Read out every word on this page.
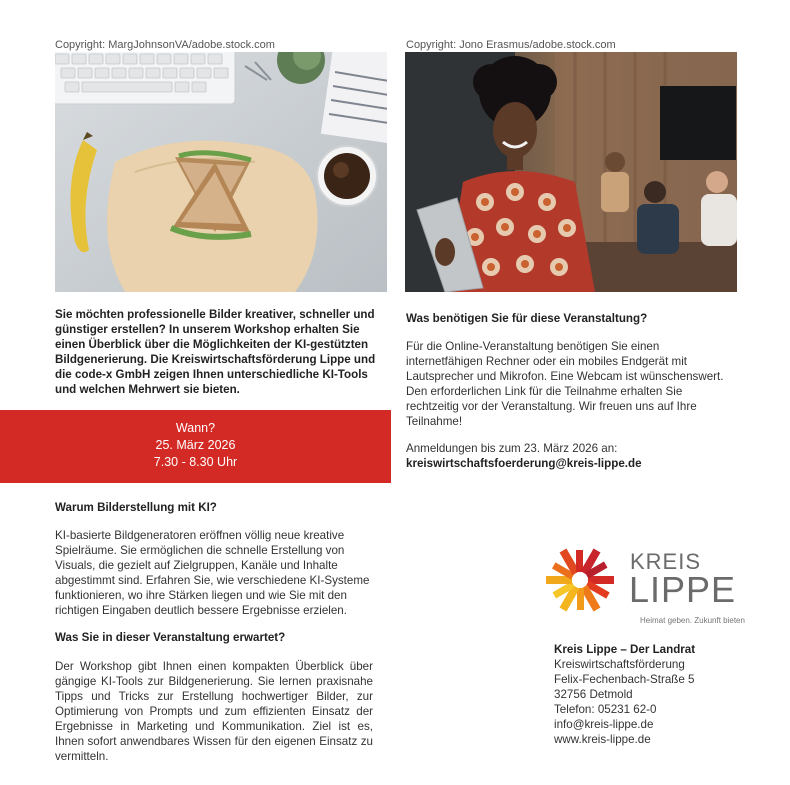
Copyright: MargJohnsonVA/adobe.stock.com	Copyright: Jono Erasmus/adobe.stock.com
Sie möchten professionelle Bilder kreativer, schneller und günstiger erstellen? In unserem Workshop erhalten Sie einen Überblick über die Möglichkeiten der KI-gestützten Bildgenerierung. Die Kreiswirtschaftsförderung Lippe und die code-x GmbH zeigen Ihnen unterschiedliche KI-Tools und welchen Mehrwert sie bieten.
Wann?
25. März 2026
7.30 - 8.30 Uhr
Warum Bilderstellung mit KI?
KI-basierte Bildgeneratoren eröffnen völlig neue kreative Spielräume. Sie ermöglichen die schnelle Erstellung von Visuals, die gezielt auf Zielgruppen, Kanäle und Inhalte abgestimmt sind. Erfahren Sie, wie verschiedene KI-Systeme funktionieren, wo ihre Stärken liegen und wie Sie mit den richtigen Eingaben deutlich bessere Ergebnisse erzielen.
Was Sie in dieser Veranstaltung erwartet?
Der Workshop gibt Ihnen einen kompakten Überblick über gängige KI-Tools zur Bildgenerierung. Sie lernen praxisnahe Tipps und Tricks zur Erstellung hochwertiger Bilder, zur Optimierung von Prompts und zum effizienten Einsatz der Ergebnisse in Marketing und Kommunikation. Ziel ist es, Ihnen sofort anwendbares Wissen für den eigenen Einsatz zu vermitteln.
Was benötigen Sie für diese Veranstaltung?
Für die Online-Veranstaltung benötigen Sie einen internetfähigen Rechner oder ein mobiles Endgerät mit Lautsprecher und Mikrofon. Eine Webcam ist wünschenswert. Den erforderlichen Link für die Teilnahme erhalten Sie rechtzeitig vor der Veranstaltung. Wir freuen uns auf Ihre Teilnahme!
Anmeldungen bis zum 23. März 2026 an:
kreiswirtschaftsfoerderung@kreis-lippe.de
KREIS
LIPPE
Heimat geben. Zukunft bieten
Kreis Lippe – Der Landrat
Kreiswirtschaftsförderung
Felix-Fechenbach-Straße 5
32756 Detmold
Telefon: 05231 62-0
info@kreis-lippe.de
www.kreis-lippe.de
